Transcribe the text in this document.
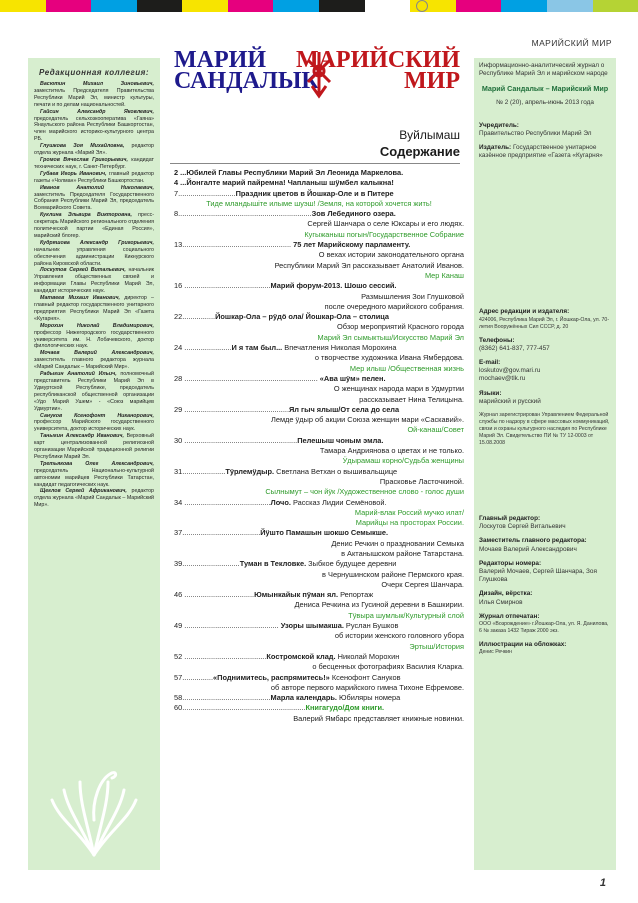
МАРИЙСКИЙ МИР
Редакционная коллегия:

Васютин Михаил Зиновьевич, заместитель Председателя Правительства Республики Марий Эл, министр культуры, печати и по делам национальностей.

Гайсин Александр Яковлевич, председатель сельхозкооператива «Гаяна» Янаульского района Республики Башкортостан, член марийского историко-культурного центра РБ.

Глушкова Зоя Михайловна, редактор отдела журнала «Марий Эл».

Громов Вячеслав Григорьевич, кандидат технических наук, г. Санкт-Петербург.

Губаев Игорь Иванович, главный редактор газеты «Чолман» Республики Башкортостан.

Иванов Анатолий Николаевич, заместитель Председателя Государственного Собрания Республики Марий Эл, председатель Всемарийского Совета.

Куклина Эльвира Викторовна, пресс-секретарь Марийского регионального отделения политической партии «Единая Россия», марийский блогер.

Кудряшова Александр Григорьевич, начальник управления социального обеспечения администрации Кикнурского района Кировской области.

Лоскутов Сергей Витальевич, начальник Управления общественных связей и информации Главы Республики Марий Эл, кандидат исторических наук.

Матвеев Михаил Иванович, директор – главный редактор государственного унитарного предприятия Республики Марий Эл «Газета «Кугарня».

Морохин Николай Владимирович, профессор Нижегородского государственного университета им. Н. Лобачевского, доктор филологических наук.

Мочаев Валерий Александрович, заместитель главного редактора журнала «Марий Сандалык – Марийский Мир».

Радыгин Анатолий Ильич, полномочный представитель Республики Марий Эл в Удмуртской Республике, председатель республиканской общественной организации «Удо Марий Ушем» - «Союз марийцев Удмуртии».

Сануков Ксенофонт Никанорович, профессор Марийского государственного университета, доктор исторических наук.

Таныгин Александр Иванович, Верховный карт централизованной религиозной организации Марийской традиционной религии Республики Марий Эл.

Третьякова Олег Александрович, председатель Национально-культурной автономии марийцев Республики Татарстан, кандидат педагогических наук.

Щеглов Сергей Африканович, редактор отдела журнала «Марий Сандалык – Марийский Мир».

МАРИЙ
САНДАЛЫК
МАРИЙСКИЙ
МИР
Вуйлымаш
Содержание
2 ...Юбилей Главы Республики Марий Эл Леонида Маркелова.
4 ...Йонгалте марий пайремна! Чапланыш шӱмбел калыкна!
7............................Праздник цветов в Йошкар-Оле и в Питере
Тиде мландышіте илыме шуэш! /Земля, на которой хочется жить!
8.................................................................Зов Лебединого озера.
Сергей Шанчара о селе Юксары и его людях.
Кугыжаныш погын/Государственное Собрание
13..................................................... 75 лет Марийскому парламенту.
О вехах истории законодательного органа
Республики Марий Эл рассказывает Анатолий Иванов.
Мер Канаш
16 ..........................................Марий форум-2013. Шошо сессий.
Размышления Зои Глушковой
после очередного марийского собрания.
22................Йошкар-Ола – рӱдӧ ола/ Йошкар-Ола – столица
Обзор мероприятий Красного города
Марий Эл сымыктыш/Искусство Марий Эл
24 .......................И я там был... Впечатления Николая Морохина
о творчестве художника Ивана Ямбердова.
Мер илыш /Общественная жизнь
28 ................................................................. «Ава шӱм» пелен.
О женщинах народа мари в Удмуртии
рассказывает Нина Телицына.
29 ...................................................Ял гыч ялыш/От села до села
Лемде ӱдыр об акции Союза женщин мари «Саскавий».
Ой-канаш/Совет
30 .......................................................Пелешыш чоным эмла.
Тамара Андриянова о цветах и не только.
Ӱдырамаш корно/Судьба женщины
31.....................Тӱрлемӱдыр. Светлана Ветхан о вышивальщице
Прасковье Ласточкиной.
Сылнымут – чон йӱк /Художественное слово - голос души
34 ..........................................Лочо. Рассказ Лидии Семёновой.
Марий-влак Россий мучко илат/
Марийцы на просторах России.
37......................................Йӱшто Памашын шокшо Семыкше.
Денис Речкин о праздновании Семыка
в Актанышском районе Татарстана.
39............................Туман в Текловке. Зыбкое будущее деревни
в Чернушинском районе Пермского края.
Очерк Сергея Шанчара.
46 ..................................Юмынкайык пӱман ял. Репортаж
Дениса Речкина из Гусиной деревни в Башкирии.
Тӱвыра шумлык/Культурный слой
49 .............................................. Узоры шымакша. Руслан Бушков
об истории женского головного убора
Эртыш/История
52 ........................................Костромской клад. Николай Морохин
о бесценных фотографиях Василия Кларка.
57...............«Поднимитесь, распрямитесь!» Ксенофонт Сануков
об авторе первого марийского гимна Тихоне Ефремове.
58...........................................Марла календарь. Юбиляры номера
60............................................................Книгагудо/Дом книги.
Валерий Ямбарс представляет книжные новинки.
Информационно-аналитический журнал о Республике Марий Эл и марийском народе
Марий Сандалык – Марийский Мир
№ 2 (20), апрель-июнь 2013 года
Учредитель:
Правительство Республики Марий Эл
Издатель: Государственное унитарное казённое предприятие «Газета «Кугарня»
Адрес редакции и издателя:
424006, Республика Марий Эл, г. Йошкар-Ола, ул. 70-летия Вооружённых Сил СССР, д. 20
Телефоны:
(8362) 641-837, 777-457
E-mail:
loskutov@gov.mari.ru
mochaev@tlk.ru
Языки:
марийский и русский
Журнал зарегистрирован Управлением Федеральной службы по надзору в сфере массовых коммуникаций, связи и охраны культурного наследия по Республике Марий Эл. Свидетельство ПИ № ТУ 12-0003 от 15.08.2008
Главный редактор:
Лоскутов Сергей Витальевич
Заместитель главного редактора:
Мочаев Валерий Александрович
Редакторы номера:
Валерий Мочаев, Сергей Шанчара, Зоя Глушкова
Дизайн, вёрстка:
Илья Смирнов
Журнал отпечатан:
ООО «Возрождение» г.Йошкар-Ола, ул. Я. Данилова, 6 № заказа 1432 Тираж 2000 экз.
Иллюстрации на обложках:
Денис Речкин
1
